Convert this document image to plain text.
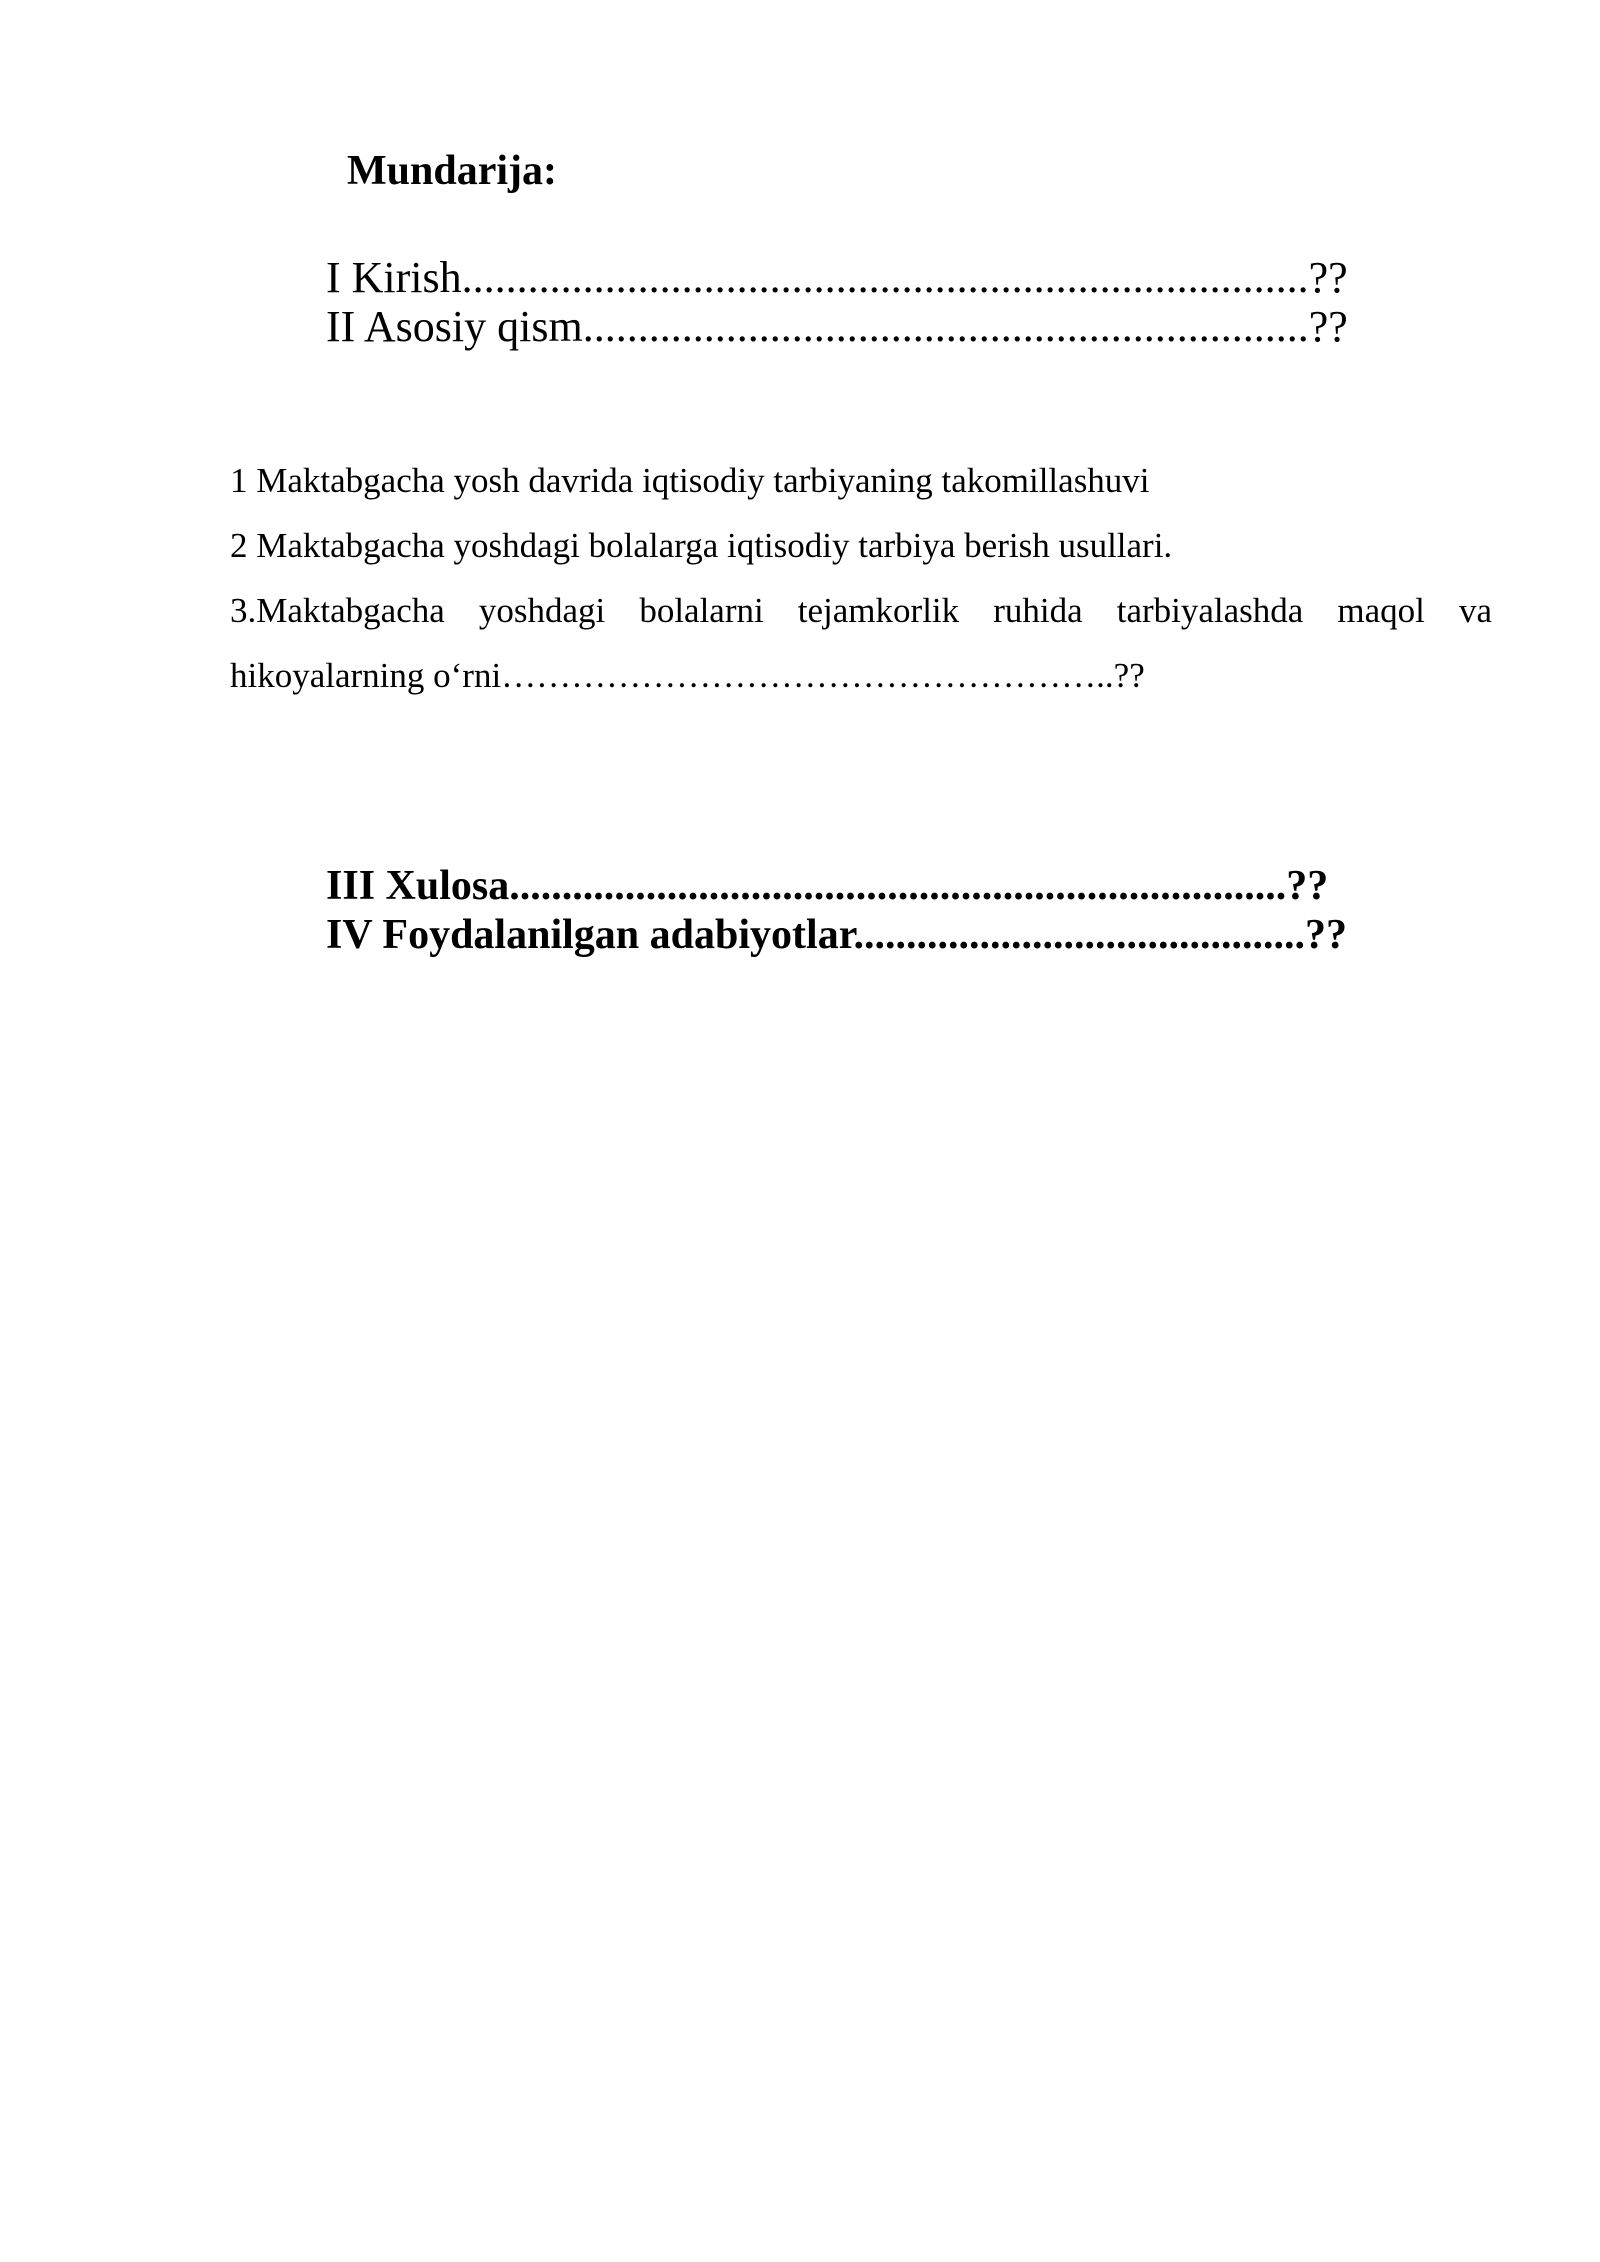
Mundarija:
I Kirish.............................................................................??
II Asosiy qism..................................................................??

1 Maktabgacha yosh davrida iqtisodiy tarbiyaning takomillashuvi

2 Maktabgacha yoshdagi bolalarga iqtisodiy tarbiya berish usullari.

3.Maktabgacha yoshdagi bolalarni tejamkorlik ruhida tarbiyalashda maqol va hikoyalarning o‘rni……………………………………………..??

III Xulosa..........................................................................??
IV Foydalanilgan adabiyotlar...........................................??
